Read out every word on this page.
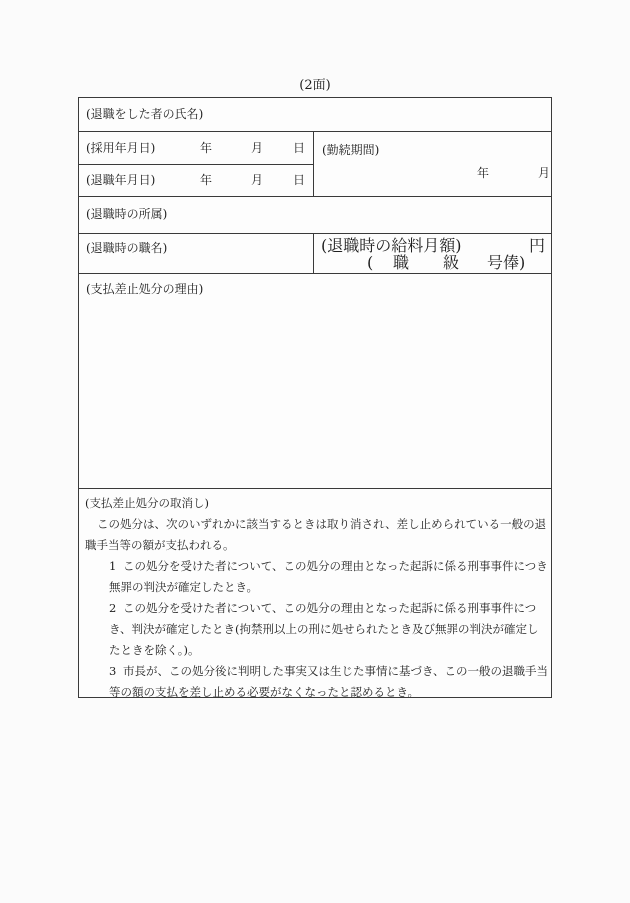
(2面)
(退職をした者の氏名)
(採用年月日)	年	月 日
(退職年月日)	年	月 日
(勤続期間)
年	月
(退職時の所属)
(退職時の職名)	(退職時の給料月額)	円
( 職 級 号俸)
(支払差止処分の理由)
(支払差止処分の取消し)
この処分は、次のいずれかに該当するときは取り消され、差し止められている一般の退
職手当等の額が支払われる。
1 この処分を受けた者について、この処分の理由となった起訴に係る刑事事件につき
無罪の判決が確定したとき。
2 この処分を受けた者について、この処分の理由となった起訴に係る刑事事件につ
き、判決が確定したとき(拘禁刑以上の刑に処せられたとき及び無罪の判決が確定し
たときを除く。)。
3 市長が、この処分後に判明した事実又は生じた事情に基づき、この一般の退職手当
等の額の支払を差し止める必要がなくなったと認めるとき。
